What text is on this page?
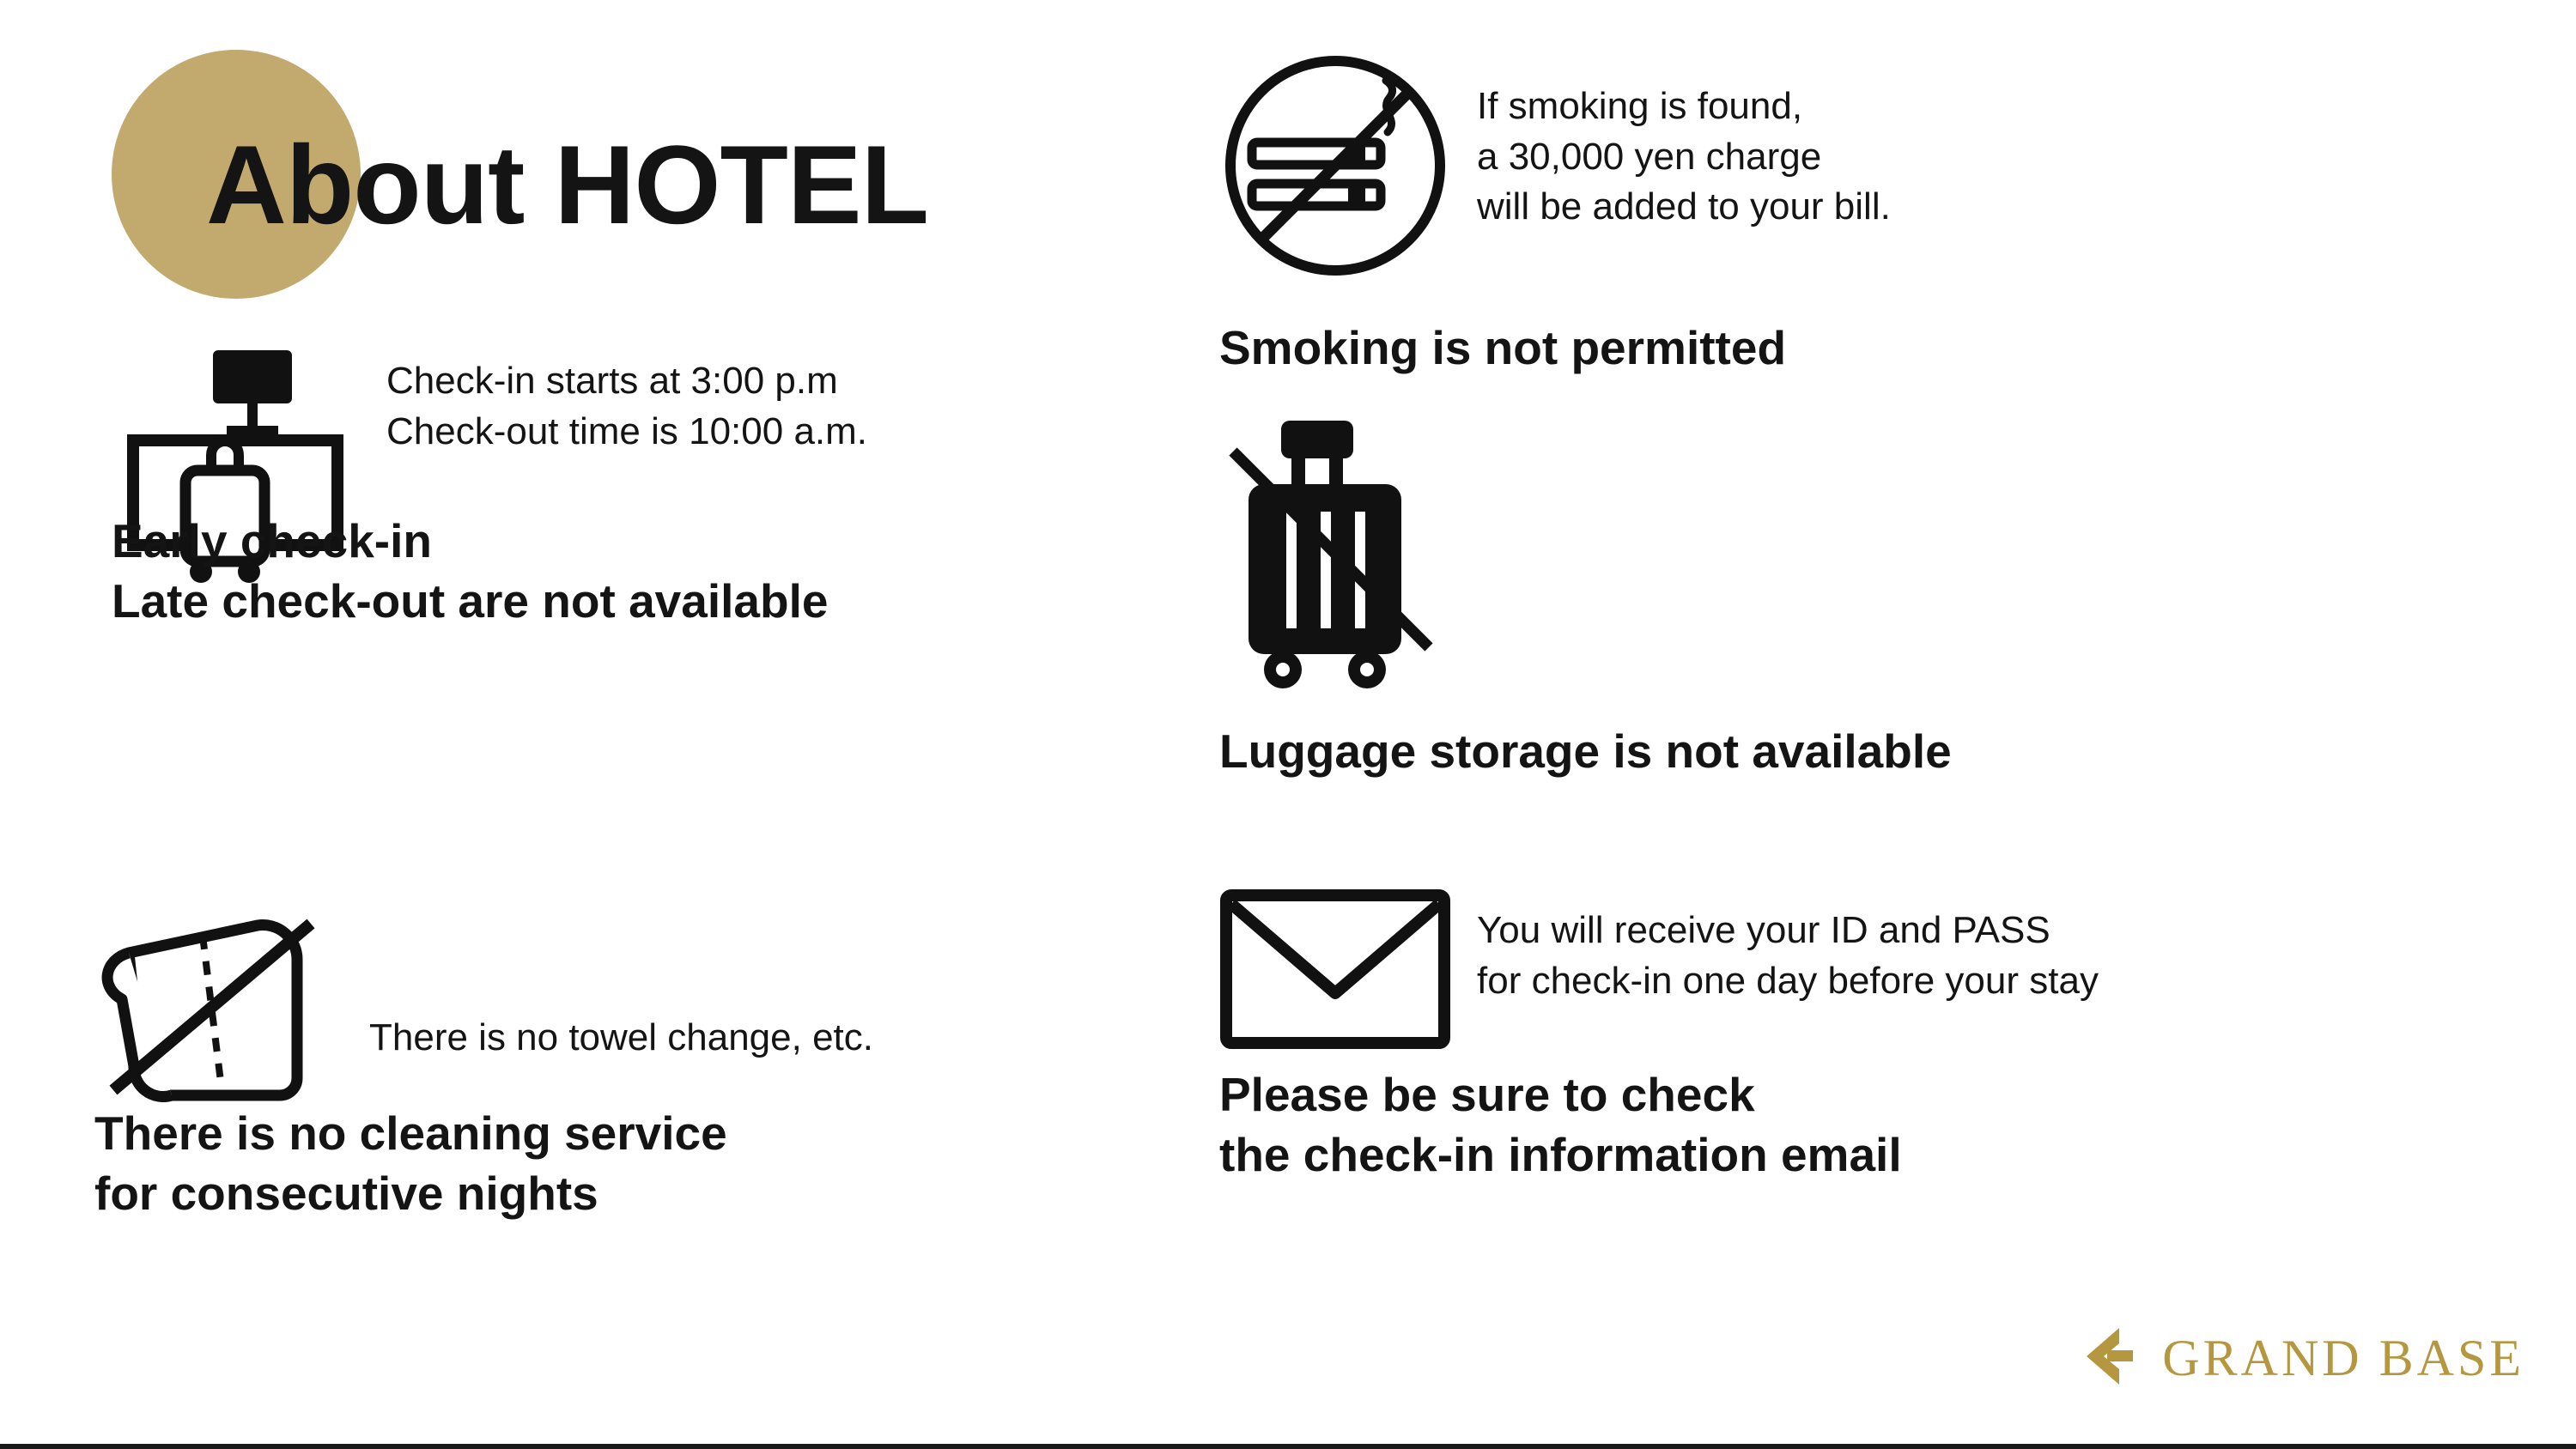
About HOTEL
Check-in starts at 3:00 p.m
Check-out time is 10:00 a.m.
Early check-in
Late check-out are not available
There is no towel change, etc.
There is no cleaning service
for consecutive nights
If smoking is found,
a 30,000 yen charge
will be added to your bill.
Smoking is not permitted
Luggage storage is not available
You will receive your ID and PASS
for check-in one day before your stay
Please be sure to check
the check-in information email
GRAND BASE
